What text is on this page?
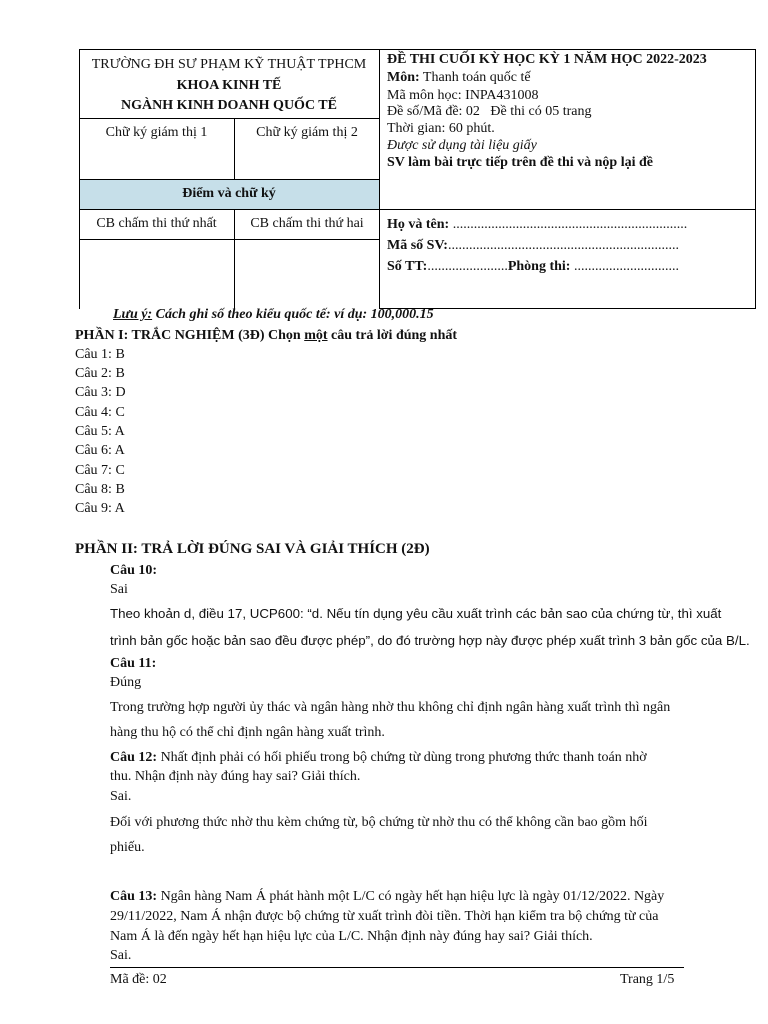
TRƯỜNG ĐH SƯ PHẠM KỸ THUẬT TPHCM
KHOA KINH TẾ
NGÀNH KINH DOANH QUỐC TẾ
Chữ ký giám thị 1	Chữ ký giám thị 2
Điểm và chữ ký
CB chấm thi thứ nhất	CB chấm thi thứ hai
ĐỀ THI CUỐI KỲ HỌC KỲ 1 NĂM HỌC 2022-2023
Môn: Thanh toán quốc tế
Mã môn học: INPA431008
Đề số/Mã đề: 02   Đề thi có 05 trang
Thời gian: 60 phút.
Được sử dụng tài liệu giấy
SV làm bài trực tiếp trên đề thi và nộp lại đề
Họ và tên: ...................................................................
Mã số SV:..................................................................
Số TT:.......................Phòng thi: ..............................
Lưu ý: Cách ghi số theo kiểu quốc tế: ví dụ: 100,000.15
PHẦN I: TRẮC NGHIỆM (3Đ) Chọn một câu trả lời đúng nhất
Câu 1: B
Câu 2: B
Câu 3: D
Câu 4: C
Câu 5: A
Câu 6: A
Câu 7: C
Câu 8: B
Câu 9: A
PHẦN II: TRẢ LỜI ĐÚNG SAI VÀ GIẢI THÍCH (2Đ)
Câu 10:
Sai
Theo khoản d, điều 17, UCP600: “d. Nếu tín dụng yêu cầu xuất trình các bản sao của chứng từ, thì xuất
trình bản gốc hoặc bản sao đều được phép”, do đó trường hợp này được phép xuất trình 3 bản gốc của B/L.
Câu 11:
Đúng
Trong trường hợp người ủy thác và ngân hàng nhờ thu không chỉ định ngân hàng xuất trình thì ngân
hàng thu hộ có thể chỉ định ngân hàng xuất trình.
Câu 12: Nhất định phải có hối phiếu trong bộ chứng từ dùng trong phương thức thanh toán nhờ
thu. Nhận định này đúng hay sai? Giải thích.
Sai.
Đối với phương thức nhờ thu kèm chứng từ, bộ chứng từ nhờ thu có thể không cần bao gồm hối
phiếu.
Câu 13: Ngân hàng Nam Á phát hành một L/C có ngày hết hạn hiệu lực là ngày 01/12/2022. Ngày
29/11/2022, Nam Á nhận được bộ chứng từ xuất trình đòi tiền. Thời hạn kiểm tra bộ chứng từ của
Nam Á là đến ngày hết hạn hiệu lực của L/C. Nhận định này đúng hay sai? Giải thích.
Sai.
Mã đề: 02	Trang 1/5
